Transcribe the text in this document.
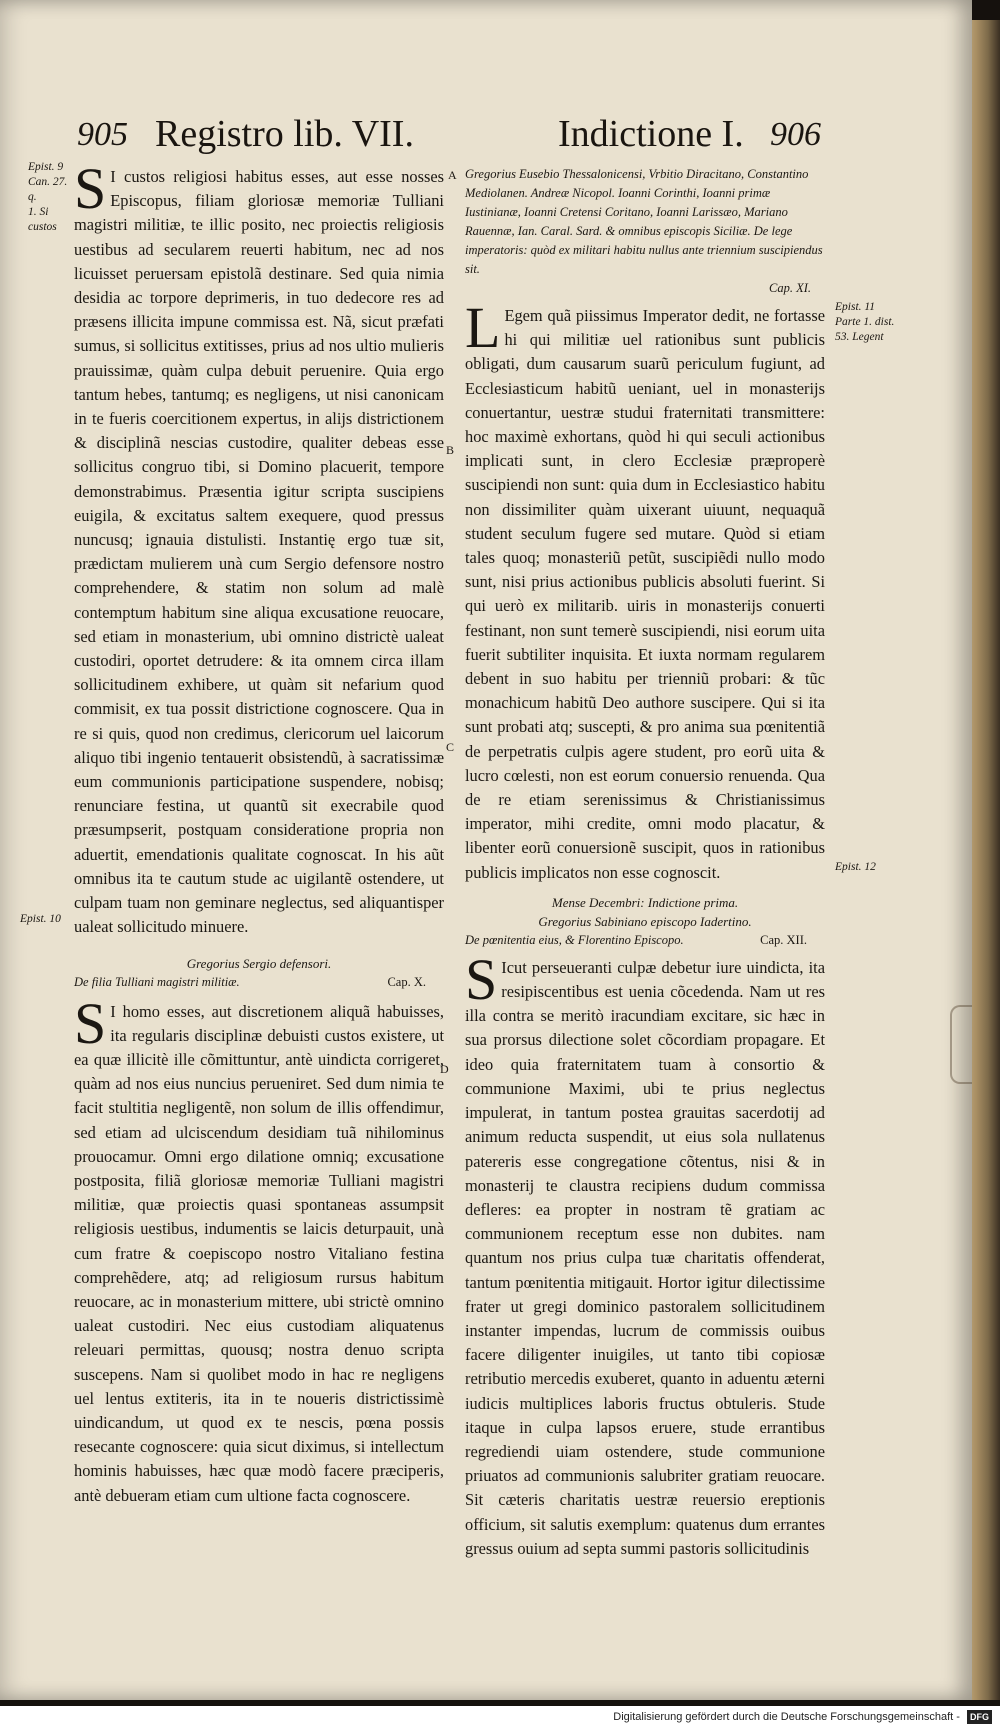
905 Registro lib. VII.	Indictione I. 906
Epist. 9
Can. 27. q.
1. Si custos
Epist. 10
Epist. 11
Parte 1. dist.
53. Legent
Epist. 12
A
B
C
D

S I custos religiosi habitus esses, aut esse nosses Episcopus, filiam gloriosæ memoriæ Tulliani magistri militiæ, te illic posito, nec proiectis religiosis uestibus ad secularem reuerti habitum, nec ad nos licuisset peruersam epistolã destinare. Sed quia nimia desidia ac torpore deprimeris, in tuo dedecore res ad præsens illicita impune commissa est. Nã, sicut præfati sumus, si sollicitus extitisses, prius ad nos ultio mulieris prauissimæ, quàm culpa debuit peruenire. Quia ergo tantum hebes, tantumq; es negligens, ut nisi canonicam in te fueris coercitionem expertus, in alijs districtionem & disciplinã nescias custodire, qualiter debeas esse sollicitus congruo tibi, si Domino placuerit, tempore demonstrabimus. Præsentia igitur scripta suscipiens euigila, & excitatus saltem exequere, quod pressus nuncusq; ignauia distulisti. Instantię ergo tuæ sit, prædictam mulierem unà cum Sergio defensore nostro comprehendere, & statim non solum ad malè contemptum habitum sine aliqua excusatione reuocare, sed etiam in monasterium, ubi omnino districtè ualeat custodiri, oportet detrudere: & ita omnem circa illam sollicitudinem exhibere, ut quàm sit nefarium quod commisit, ex tua possit districtione cognoscere. Qua in re si quis, quod non credimus, clericorum uel laicorum aliquo tibi ingenio tentauerit obsistendũ, à sacratissimæ eum communionis participatione suspendere, nobisq; renunciare festina, ut quantũ sit execrabile quod præsumpserit, postquam consideratione propria non aduertit, emendationis qualitate cognoscat. In his aũt omnibus ita te cautum stude ac uigilantẽ ostendere, ut culpam tuam non geminare neglectus, sed aliquantisper ualeat sollicitudo minuere.

Gregorius Sergio defensori.

De filia Tulliani magistri militiæ.	Cap. X.

S I homo esses, aut discretionem aliquã habuisses, ita regularis disciplinæ debuisti custos existere, ut ea quæ illicitè ille cõmittuntur, antè uindicta corrigeret, quàm ad nos eius nuncius perueniret. Sed dum nimia te facit stultitia negligentẽ, non solum de illis offendimur, sed etiam ad ulciscendum desidiam tuã nihilominus prouocamur. Omni ergo dilatione omniq; excusatione postposita, filiã gloriosæ memoriæ Tulliani magistri militiæ, quæ proiectis quasi spontaneas assumpsit religiosis uestibus, indumentis se laicis deturpauit, unà cum fratre & coepiscopo nostro Vitaliano festina comprehẽdere, atq; ad religiosum rursus habitum reuocare, ac in monasterium mittere, ubi strictè omnino ualeat custodiri. Nec eius custodiam aliquatenus releuari permittas, quousq; nostra denuo scripta suscepens. Nam si quolibet modo in hac re negligens uel lentus extiteris, ita in te noueris districtissimè uindicandum, ut quod ex te nescis, pœna possis resecante cognoscere: quia sicut diximus, si intellectum hominis habuisses, hæc quæ modò facere præciperis, antè debueram etiam cum ultione facta cognoscere.

Gregorius Eusebio Thessalonicensi, Vrbitio Diracitano, Constantino Mediolanen. Andreæ Nicopol. Ioanni Corinthi, Ioanni primæ Iustinianæ, Ioanni Cretensi Coritano, Ioanni Larissæo, Mariano Rauennæ, Ian. Caral. Sard. & omnibus episcopis Siciliæ. De lege imperatoris: quòd ex militari habitu nullus ante triennium suscipiendus sit.

Cap. XI.

L Egem quã piissimus Imperator dedit, ne fortasse hi qui militiæ uel rationibus sunt publicis obligati, dum causarum suarũ periculum fugiunt, ad Ecclesiasticum habitũ ueniant, uel in monasterijs conuertantur, uestræ studui fraternitati transmittere: hoc maximè exhortans, quòd hi qui seculi actionibus implicati sunt, in clero Ecclesiæ præproperè suscipiendi non sunt: quia dum in Ecclesiastico habitu non dissimiliter quàm uixerant uiuunt, nequaquã student seculum fugere sed mutare. Quòd si etiam tales quoq; monasteriũ petũt, suscipiẽdi nullo modo sunt, nisi prius actionibus publicis absoluti fuerint. Si qui uerò ex militarib. uiris in monasterijs conuerti festinant, non sunt temerè suscipiendi, nisi eorum uita fuerit subtiliter inquisita. Et iuxta normam regularem debent in suo habitu per trienniũ probari: & tũc monachicum habitũ Deo authore suscipere. Qui si ita sunt probati atq; suscepti, & pro anima sua pœnitentiã de perpetratis culpis agere student, pro eorũ uita & lucro cœlesti, non est eorum conuersio renuenda. Qua de re etiam serenissimus & Christianissimus imperator, mihi credite, omni modo placatur, & libenter eorũ conuersionẽ suscipit, quos in rationibus publicis implicatos non esse cognoscit.

Mense Decembri: Indictione prima.

Gregorius Sabiniano episcopo Iadertino.

De pœnitentia eius, & Florentino Episcopo.	Cap. XII.

S Icut perseueranti culpæ debetur iure uindicta, ita resipiscentibus est uenia cõcedenda. Nam ut res illa contra se meritò iracundiam excitare, sic hæc in sua prorsus dilectione solet cõcordiam propagare. Et ideo quia fraternitatem tuam à consortio & communione Maximi, ubi te prius neglectus impulerat, in tantum postea grauitas sacerdotij ad animum reducta suspendit, ut eius sola nullatenus patereris esse congregatione cõtentus, nisi & in monasterij te claustra recipiens dudum commissa defleres: ea propter in nostram tẽ gratiam ac communionem receptum esse non dubites. nam quantum nos prius culpa tuæ charitatis offenderat, tantum pœnitentia mitigauit. Hortor igitur dilectissime frater ut gregi dominico pastoralem sollicitudinem instanter impendas, lucrum de commissis ouibus facere diligenter inuigiles, ut tanto tibi copiosæ retributio mercedis exuberet, quanto in aduentu æterni iudicis multiplices laboris fructus obtuleris. Stude itaque in culpa lapsos eruere, stude errantibus regrediendi uiam ostendere, stude communione priuatos ad communionis salubriter gratiam reuocare. Sit cæteris charitatis uestræ reuersio ereptionis officium, sit salutis exemplum: quatenus dum errantes gressus ouium ad septa summi pastoris sollicitudinis

Digitalisierung gefördert durch die Deutsche Forschungsgemeinschaft - DFG
